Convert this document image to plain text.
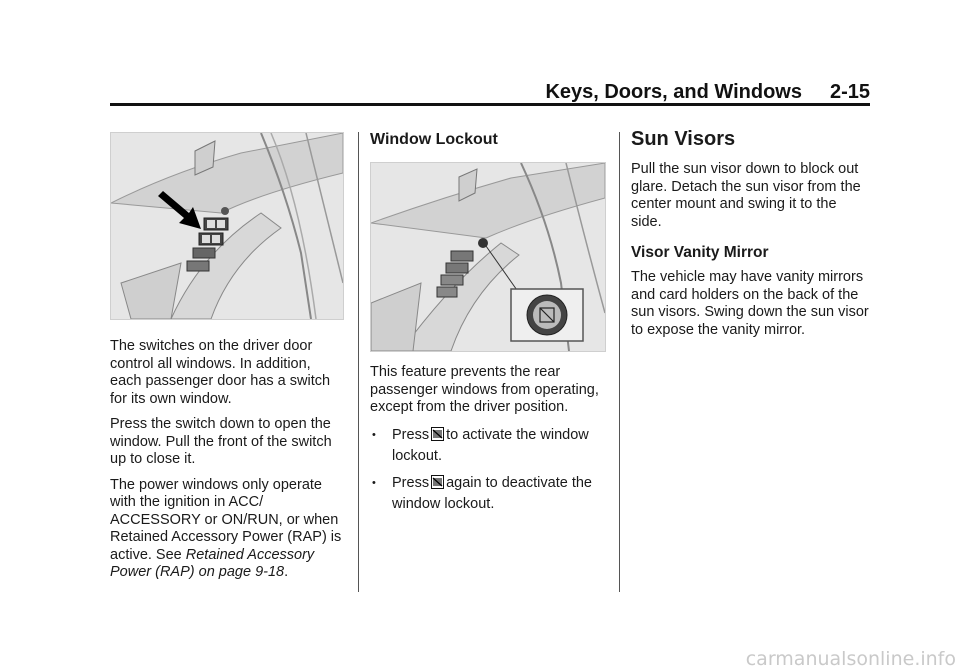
Keys, Doors, and Windows 2-15

The switches on the driver door control all windows. In addition, each passenger door has a switch for its own window.

Press the switch down to open the window. Pull the front of the switch up to close it.

The power windows only operate with the ignition in ACC/ ACCESSORY or ON/RUN, or when Retained Accessory Power (RAP) is active. See Retained Accessory Power (RAP) on page 9-18.

Window Lockout

This feature prevents the rear passenger windows from operating, except from the driver position.

• Press to activate the window lockout.
• Press again to deactivate the window lockout.
Sun Visors

Pull the sun visor down to block out glare. Detach the sun visor from the center mount and swing it to the side.

Visor Vanity Mirror

The vehicle may have vanity mirrors and card holders on the back of the sun visors. Swing down the sun visor to expose the vanity mirror.

carmanualsonline.info
